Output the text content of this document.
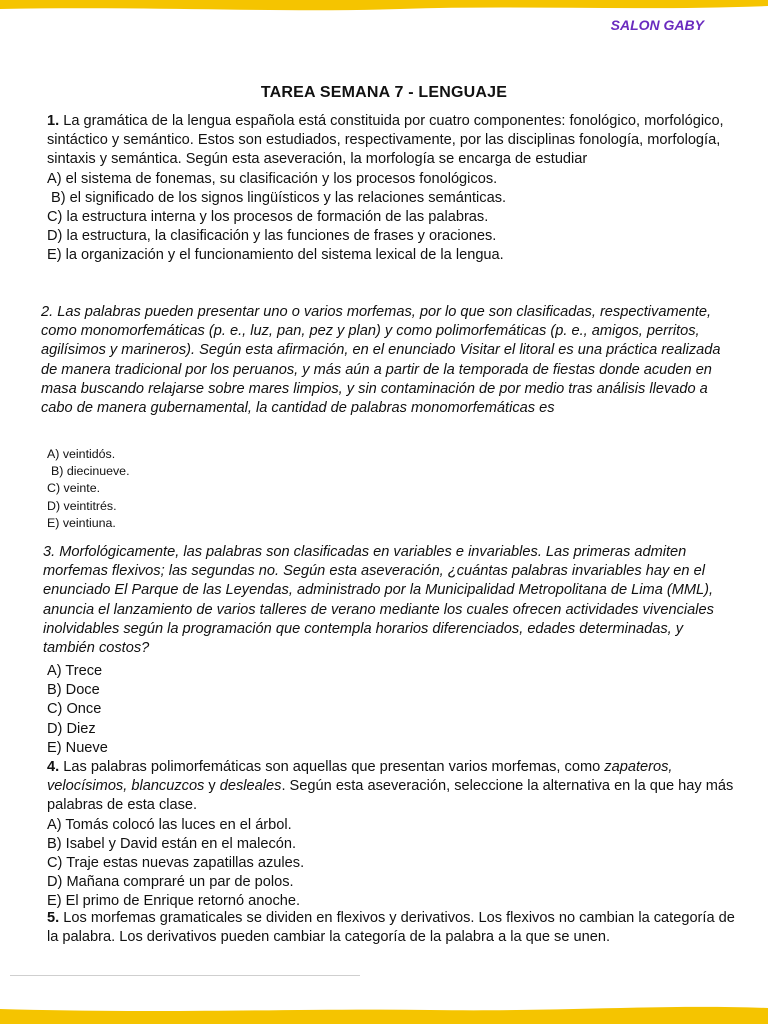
SALON GABY
TAREA SEMANA 7 - LENGUAJE

1. La gramática de la lengua española está constituida por cuatro componentes: fonológico, morfológico, sintáctico y semántico. Estos son estudiados, respectivamente, por las disciplinas fonología, morfología, sintaxis y semántica. Según esta aseveración, la morfología se encarga de estudiar

A) el sistema de fonemas, su clasificación y los procesos fonológicos.
B) el significado de los signos lingüísticos y las relaciones semánticas.
C) la estructura interna y los procesos de formación de las palabras.
D) la estructura, la clasificación y las funciones de frases y oraciones.
E) la organización y el funcionamiento del sistema lexical de la lengua.
2. Las palabras pueden presentar uno o varios morfemas, por lo que son clasificadas, respectivamente, como monomorfemáticas (p. e., luz, pan, pez y plan) y como polimorfemáticas (p. e., amigos, perritos, agilísimos y marineros). Según esta afirmación, en el enunciado Visitar el litoral es una práctica realizada de manera tradicional por los peruanos, y más aún a partir de la temporada de fiestas donde acuden en masa buscando relajarse sobre mares limpios, y sin contaminación de por medio tras análisis llevado a cabo de manera gubernamental, la cantidad de palabras monomorfemáticas es
A) veintidós.
B) diecinueve.
C) veinte.
D) veintitrés.
E) veintiuna.
3. Morfológicamente, las palabras son clasificadas en variables e invariables. Las primeras admiten morfemas flexivos; las segundas no. Según esta aseveración, ¿cuántas palabras invariables hay en el enunciado El Parque de las Leyendas, administrado por la Municipalidad Metropolitana de Lima (MML), anuncia el lanzamiento de varios talleres de verano mediante los cuales ofrecen actividades vivenciales inolvidables según la programación que contempla horarios diferenciados, edades determinadas, y también costos?
A) Trece
B) Doce
C) Once
D) Diez
E) Nueve

4. Las palabras polimorfemáticas son aquellas que presentan varios morfemas, como zapateros, velocísimos, blancuzcos y desleales. Según esta aseveración, seleccione la alternativa en la que hay más palabras de esta clase.

A) Tomás colocó las luces en el árbol.
B) Isabel y David están en el malecón.
C) Traje estas nuevas zapatillas azules.
D) Mañana compraré un par de polos.
E) El primo de Enrique retornó anoche.

5. Los morfemas gramaticales se dividen en flexivos y derivativos. Los flexivos no cambian la categoría de la palabra. Los derivativos pueden cambiar la categoría de la palabra a la que se unen.
